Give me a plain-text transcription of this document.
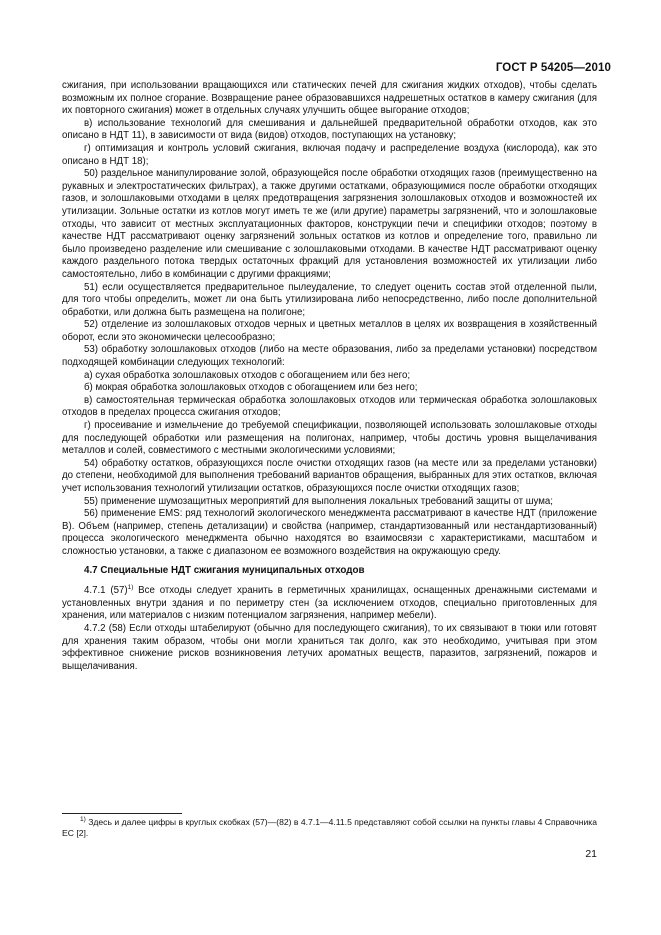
ГОСТ Р 54205—2010

сжигания, при использовании вращающихся или статических печей для сжигания жидких отходов), чтобы сделать возможным их полное сгорание. Возвращение ранее образовавшихся надрешетных остатков в камеру сжигания (для их повторного сжигания) может в отдельных случаях улучшить общее выгорание отходов;

в) использование технологий для смешивания и дальнейшей предварительной обработки отходов, как это описано в НДТ 11), в зависимости от вида (видов) отходов, поступающих на установку;

г) оптимизация и контроль условий сжигания, включая подачу и распределение воздуха (кислорода), как это описано в НДТ 18);

50) раздельное манипулирование золой, образующейся после обработки отходящих газов (преимущественно на рукавных и электростатических фильтрах), а также другими остатками, образующимися после обработки отходящих газов, и золошлаковыми отходами в целях предотвращения загрязнения золошлаковых отходов и возможностей их утилизации. Зольные остатки из котлов могут иметь те же (или другие) параметры загрязнений, что и золошлаковые отходы, что зависит от местных эксплуатационных факторов, конструкции печи и специфики отходов; поэтому в качестве НДТ рассматривают оценку загрязнений зольных остатков из котлов и определение того, правильно ли было произведено разделение или смешивание с золошлаковыми отходами. В качестве НДТ рассматривают оценку каждого раздельного потока твердых остаточных фракций для установления возможностей их утилизации либо самостоятельно, либо в комбинации с другими фракциями;

51) если осуществляется предварительное пылеудаление, то следует оценить состав этой отделенной пыли, для того чтобы определить, может ли она быть утилизирована либо непосредственно, либо после дополнительной обработки, или должна быть размещена на полигоне;

52) отделение из золошлаковых отходов черных и цветных металлов в целях их возвращения в хозяйственный оборот, если это экономически целесообразно;

53) обработку золошлаковых отходов (либо на месте образования, либо за пределами установки) посредством подходящей комбинации следующих технологий:

а) сухая обработка золошлаковых отходов с обогащением или без него;

б) мокрая обработка золошлаковых отходов с обогащением или без него;

в) самостоятельная термическая обработка золошлаковых отходов или термическая обработка золошлаковых отходов в пределах процесса сжигания отходов;

г) просеивание и измельчение до требуемой спецификации, позволяющей использовать золошлаковые отходы для последующей обработки или размещения на полигонах, например, чтобы достичь уровня выщелачивания металлов и солей, совместимого с местными экологическими условиями;

54) обработку остатков, образующихся после очистки отходящих газов (на месте или за пределами установки) до степени, необходимой для выполнения требований вариантов обращения, выбранных для этих остатков, включая учет использования технологий утилизации остатков, образующихся после очистки отходящих газов;

55) применение шумозащитных мероприятий для выполнения локальных требований защиты от шума;

56) применение EMS: ряд технологий экологического менеджмента рассматривают в качестве НДТ (приложение В). Объем (например, степень детализации) и свойства (например, стандартизованный или нестандартизованный) процесса экологического менеджмента обычно находятся во взаимосвязи с характеристиками, масштабом и сложностью установки, а также с диапазоном ее возможного воздействия на окружающую среду.

4.7 Специальные НДТ сжигания муниципальных отходов

4.7.1 $(57)^{1)}$ Все отходы следует хранить в герметичных хранилищах, оснащенных дренажными системами и установленных внутри здания и по периметру стен (за исключением отходов, специально приготовленных для хранения, или материалов с низким потенциалом загрязнения, например мебели).

4.7.2 (58) Если отходы штабелируют (обычно для последующего сжигания), то их связывают в тюки или готовят для хранения таким образом, чтобы они могли храниться так долго, как это необходимо, учитывая при этом эффективное снижение рисков возникновения летучих ароматных веществ, паразитов, загрязнений, пожаров и выщелачивания.

$^{1)}$ Здесь и далее цифры в круглых скобках (57)—(82) в 4.7.1—4.11.5 представляют собой ссылки на пункты главы 4 Справочника ЕС [2].
21
